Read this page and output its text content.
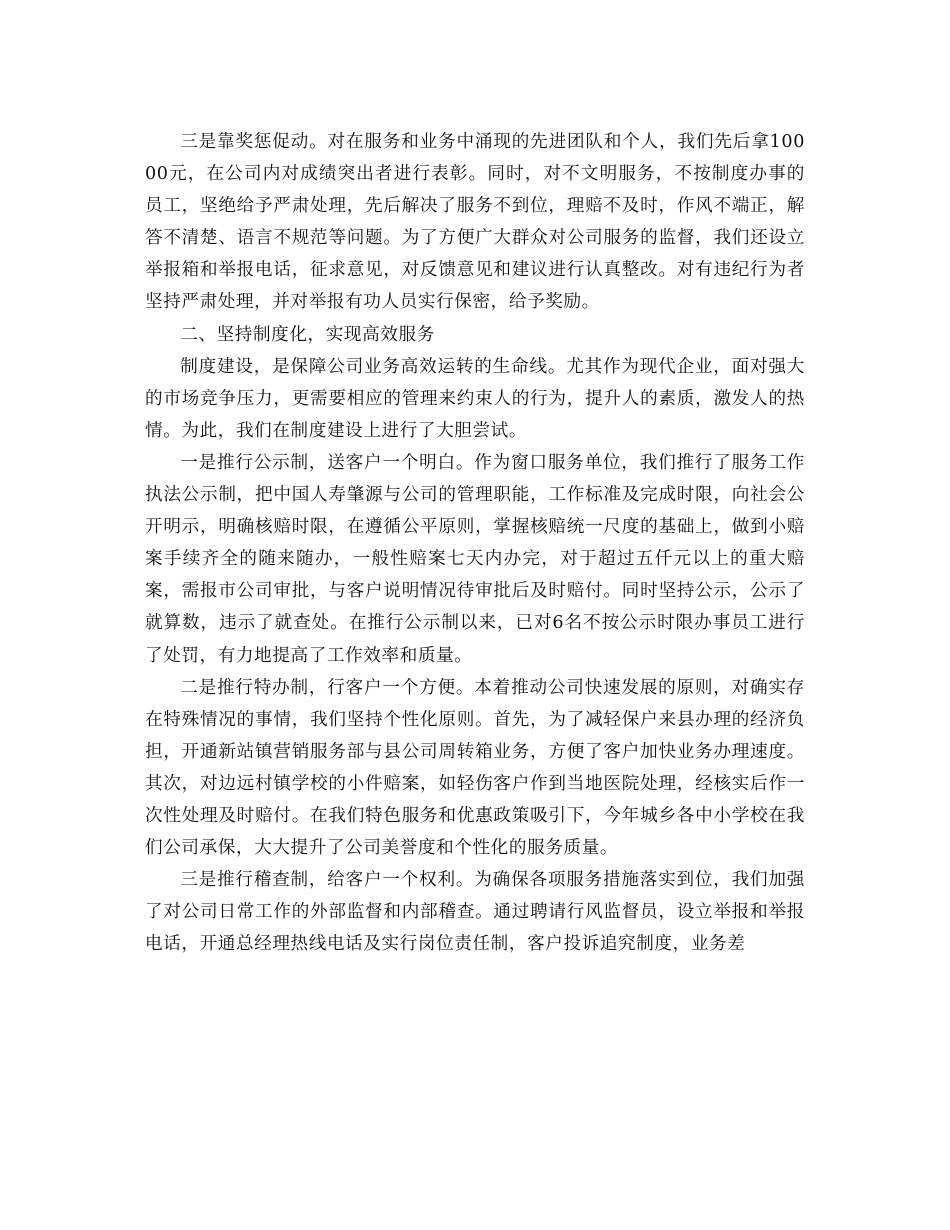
三是靠奖惩促动。对在服务和业务中涌现的先进团队和个人，我们先后拿10000元，在公司内对成绩突出者进行表彰。同时，对不文明服务，不按制度办事的员工，坚绝给予严肃处理，先后解决了服务不到位，理赔不及时，作风不端正，解答不清楚、语言不规范等问题。为了方便广大群众对公司服务的监督，我们还设立举报箱和举报电话，征求意见，对反馈意见和建议进行认真整改。对有违纪行为者坚持严肃处理，并对举报有功人员实行保密，给予奖励。

二、坚持制度化，实现高效服务

制度建设，是保障公司业务高效运转的生命线。尤其作为现代企业，面对强大的市场竞争压力，更需要相应的管理来约束人的行为，提升人的素质，激发人的热情。为此，我们在制度建设上进行了大胆尝试。

一是推行公示制，送客户一个明白。作为窗口服务单位，我们推行了服务工作执法公示制，把中国人寿肇源与公司的管理职能，工作标准及完成时限，向社会公开明示，明确核赔时限，在遵循公平原则，掌握核赔统一尺度的基础上，做到小赔案手续齐全的随来随办，一般性赔案七天内办完，对于超过五仟元以上的重大赔案，需报市公司审批，与客户说明情况待审批后及时赔付。同时坚持公示，公示了就算数，违示了就查处。在推行公示制以来，已对6名不按公示时限办事员工进行了处罚，有力地提高了工作效率和质量。

二是推行特办制，行客户一个方便。本着推动公司快速发展的原则，对确实存在特殊情况的事情，我们坚持个性化原则。首先，为了减轻保户来县办理的经济负担，开通新站镇营销服务部与县公司周转箱业务，方便了客户加快业务办理速度。其次，对边远村镇学校的小件赔案，如轻伤客户作到当地医院处理，经核实后作一次性处理及时赔付。在我们特色服务和优惠政策吸引下，今年城乡各中小学校在我们公司承保，大大提升了公司美誉度和个性化的服务质量。

三是推行稽查制，给客户一个权利。为确保各项服务措施落实到位，我们加强了对公司日常工作的外部监督和内部稽查。通过聘请行风监督员，设立举报和举报电话，开通总经理热线电话及实行岗位责任制，客户投诉追究制度，业务差
